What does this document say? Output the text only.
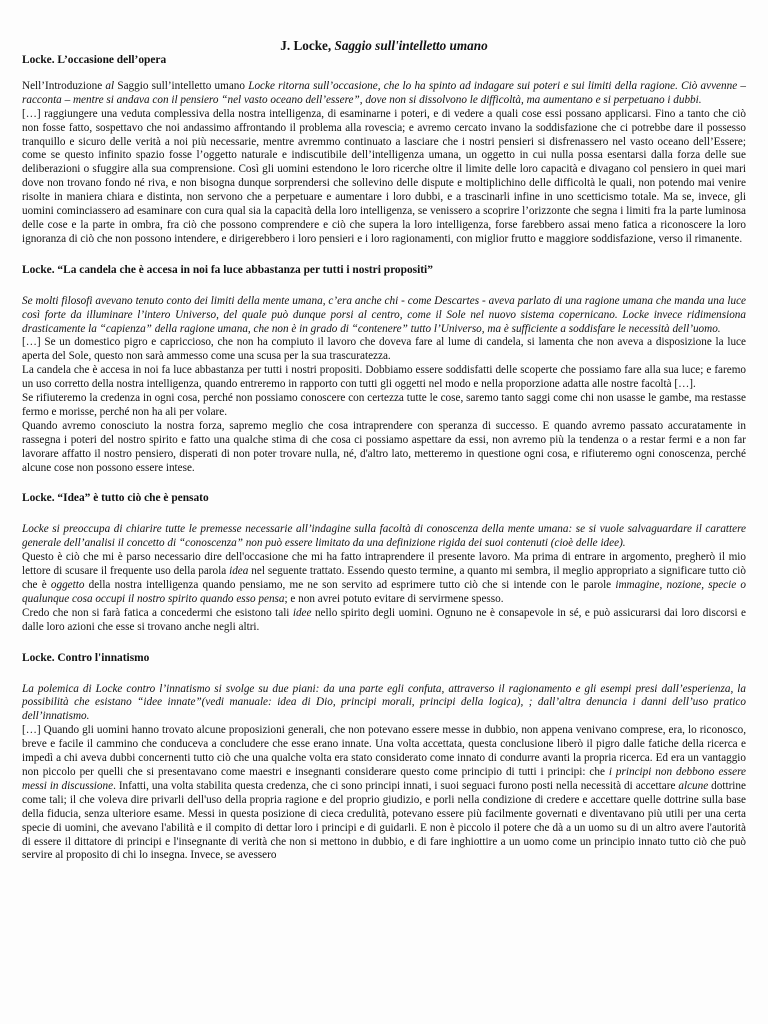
J. Locke, Saggio sull'intelletto umano
Locke. L’occasione dell’opera

Nell’Introduzione al Saggio sull’intelletto umano Locke ritorna sull’occasione, che lo ha spinto ad indagare sui poteri e sui limiti della ragione. Ciò avvenne – racconta – mentre si andava con il pensiero “nel vasto oceano dell’essere”, dove non si dissolvono le difficoltà, ma aumentano e si perpetuano i dubbi.

[…] raggiungere una veduta complessiva della nostra intelligenza, di esaminarne i poteri, e di vedere a quali cose essi possano applicarsi. Fino a tanto che ciò non fosse fatto, sospettavo che noi andassimo affrontando il problema alla rovescia; e avremo cercato invano la soddisfazione che ci potrebbe dare il possesso tranquillo e sicuro delle verità a noi più necessarie, mentre avremmo continuato a lasciare che i nostri pensieri si disfrenassero nel vasto oceano dell’Essere; come se questo infinito spazio fosse l’oggetto naturale e indiscutibile dell’intelligenza umana, un oggetto in cui nulla possa esentarsi dalla forza delle sue deliberazioni o sfuggire alla sua comprensione. Così gli uomini estendono le loro ricerche oltre il limite delle loro capacità e divagano col pensiero in quei mari dove non trovano fondo né riva, e non bisogna dunque sorprendersi che sollevino delle dispute e moltiplichino delle difficoltà le quali, non potendo mai venire risolte in maniera chiara e distinta, non servono che a perpetuare e aumentare i loro dubbi, e a trascinarli infine in uno scetticismo totale. Ma se, invece, gli uomini cominciassero ad esaminare con cura qual sia la capacità della loro intelligenza, se venissero a scoprire l’orizzonte che segna i limiti fra la parte luminosa delle cose e la parte in ombra, fra ciò che possono comprendere e ciò che supera la loro intelligenza, forse farebbero assai meno fatica a riconoscere la loro ignoranza di ciò che non possono intendere, e dirigerebbero i loro pensieri e i loro ragionamenti, con miglior frutto e maggiore soddisfazione, verso il rimanente.

Locke. “La candela che è accesa in noi fa luce abbastanza per tutti i nostri propositi”

Se molti filosofi avevano tenuto conto dei limiti della mente umana, c’era anche chi - come Descartes - aveva parlato di una ragione umana che manda una luce così forte da illuminare l’intero Universo, del quale può dunque porsi al centro, come il Sole nel nuovo sistema copernicano. Locke invece ridimensiona drasticamente la “capienza” della ragione umana, che non è in grado di “contenere” tutto l’Universo, ma è sufficiente a soddisfare le necessità dell’uomo.

[…] Se un domestico pigro e capriccioso, che non ha compiuto il lavoro che doveva fare al lume di candela, si lamenta che non aveva a disposizione la luce aperta del Sole, questo non sarà ammesso come una scusa per la sua trascuratezza.

La candela che è accesa in noi fa luce abbastanza per tutti i nostri propositi. Dobbiamo essere soddisfatti delle scoperte che possiamo fare alla sua luce; e faremo un uso corretto della nostra intelligenza, quando entreremo in rapporto con tutti gli oggetti nel modo e nella proporzione adatta alle nostre facoltà […].

Se rifiuteremo la credenza in ogni cosa, perché non possiamo conoscere con certezza tutte le cose, saremo tanto saggi come chi non usasse le gambe, ma restasse fermo e morisse, perché non ha ali per volare.

Quando avremo conosciuto la nostra forza, sapremo meglio che cosa intraprendere con speranza di successo. E quando avremo passato accuratamente in rassegna i poteri del nostro spirito e fatto una qualche stima di che cosa ci possiamo aspettare da essi, non avremo più la tendenza o a restar fermi e a non far lavorare affatto il nostro pensiero, disperati di non poter trovare nulla, né, d'altro lato, metteremo in questione ogni cosa, e rifiuteremo ogni conoscenza, perché alcune cose non possono essere intese.

Locke. “Idea” è tutto ciò che è pensato

Locke si preoccupa di chiarire tutte le premesse necessarie all’indagine sulla facoltà di conoscenza della mente umana: se si vuole salvaguardare il carattere generale dell’analisi il concetto di “conoscenza” non può essere limitato da una definizione rigida dei suoi contenuti (cioè delle idee).

Questo è ciò che mi è parso necessario dire dell'occasione che mi ha fatto intraprendere il presente lavoro. Ma prima di entrare in argomento, pregherò il mio lettore di scusare il frequente uso della parola idea nel seguente trattato. Essendo questo termine, a quanto mi sembra, il meglio appropriato a significare tutto ciò che è oggetto della nostra intelligenza quando pensiamo, me ne son servito ad esprimere tutto ciò che si intende con le parole immagine, nozione, specie o qualunque cosa occupi il nostro spirito quando esso pensa; e non avrei potuto evitare di servirmene spesso.

Credo che non si farà fatica a concedermi che esistono tali idee nello spirito degli uomini. Ognuno ne è consapevole in sé, e può assicurarsi dai loro discorsi e dalle loro azioni che esse si trovano anche negli altri.

Locke. Contro l'innatismo

La polemica di Locke contro l’innatismo si svolge su due piani: da una parte egli confuta, attraverso il ragionamento e gli esempi presi dall’esperienza, la possibilità che esistano “idee innate”(vedi manuale: idea di Dio, principi morali, principi della logica), ; dall’altra denuncia i danni dell’uso pratico dell’innatismo.

[…] Quando gli uomini hanno trovato alcune proposizioni generali, che non potevano essere messe in dubbio, non appena venivano comprese, era, lo riconosco, breve e facile il cammino che conduceva a concludere che esse erano innate. Una volta accettata, questa conclusione liberò il pigro dalle fatiche della ricerca e impedì a chi aveva dubbi concernenti tutto ciò che una qualche volta era stato considerato come innato di condurre avanti la propria ricerca. Ed era un vantaggio non piccolo per quelli che si presentavano come maestri e insegnanti considerare questo come principio di tutti i principi: che i principi non debbono essere messi in discussione. Infatti, una volta stabilita questa credenza, che ci sono principi innati, i suoi seguaci furono posti nella necessità di accettare alcune dottrine come tali; il che voleva dire privarli dell'uso della propria ragione e del proprio giudizio, e porli nella condizione di credere e accettare quelle dottrine sulla base della fiducia, senza ulteriore esame. Messi in questa posizione di cieca credulità, potevano essere più facilmente governati e diventavano più utili per una certa specie di uomini, che avevano l'abilità e il compito di dettar loro i principi e di guidarli. E non è piccolo il potere che dà a un uomo su di un altro avere l'autorità di essere il dittatore di principi e l'insegnante di verità che non si mettono in dubbio, e di fare inghiottire a un uomo come un principio innato tutto ciò che può servire al proposito di chi lo insegna. Invece, se avessero
